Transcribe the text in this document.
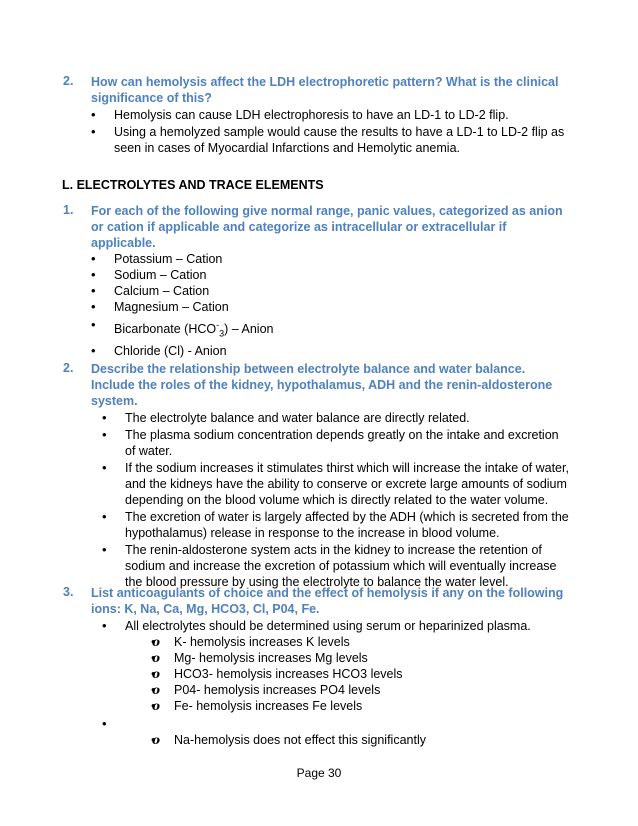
2. How can hemolysis affect the LDH electrophoretic pattern? What is the clinical significance of this?
• Hemolysis can cause LDH electrophoresis to have an LD-1 to LD-2 flip.
• Using a hemolyzed sample would cause the results to have a LD-1 to LD-2 flip as seen in cases of Myocardial Infarctions and Hemolytic anemia.
L. ELECTROLYTES AND TRACE ELEMENTS
1. For each of the following give normal range, panic values, categorized as anion or cation if applicable and categorize as intracellular or extracellular if applicable.
• Potassium – Cation
• Sodium – Cation
• Calcium – Cation
• Magnesium – Cation
• Bicarbonate $(HCO^-_3)$ – Anion
• Chloride (Cl) - Anion
2. Describe the relationship between electrolyte balance and water balance. Include the roles of the kidney, hypothalamus, ADH and the renin-aldosterone system.
• The electrolyte balance and water balance are directly related.
• The plasma sodium concentration depends greatly on the intake and excretion of water.
• If the sodium increases it stimulates thirst which will increase the intake of water, and the kidneys have the ability to conserve or excrete large amounts of sodium depending on the blood volume which is directly related to the water volume.
• The excretion of water is largely affected by the ADH (which is secreted from the hypothalamus) release in response to the increase in blood volume.
• The renin-aldosterone system acts in the kidney to increase the retention of sodium and increase the excretion of potassium which will eventually increase the blood pressure by using the electrolyte to balance the water level.
3. List anticoagulants of choice and the effect of hemolysis if any on the following ions: K, Na, Ca, Mg, HCO3, Cl, P04, Fe.
• All electrolytes should be determined using serum or heparinized plasma.
• o K- hemolysis increases K levels
• o Mg- hemolysis increases Mg levels
• o HCO3- hemolysis increases HCO3 levels
• o P04- hemolysis increases PO4 levels
• o Fe- hemolysis increases Fe levels
• • o Na-hemolysis does not effect this significantly
Page 30
